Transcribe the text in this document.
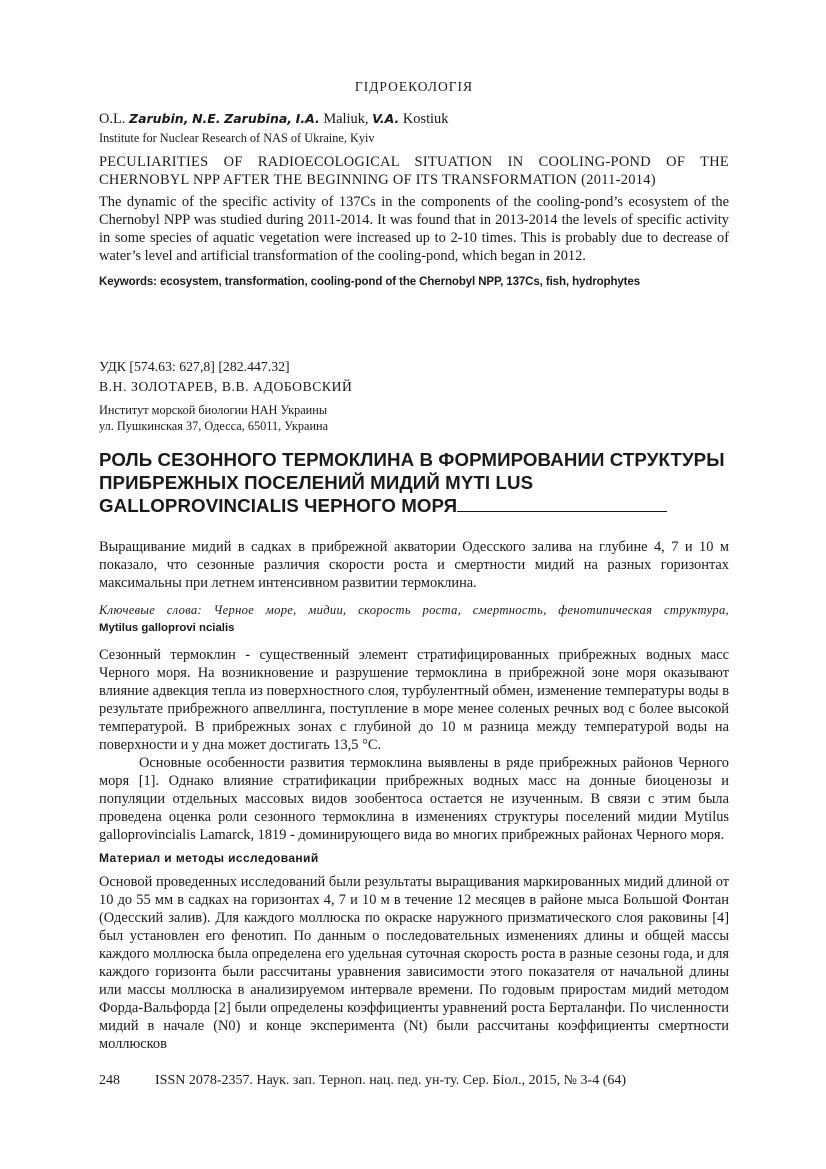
ГІДРОЕКОЛОГІЯ

O.L. Zarubin, N.E. Zarubina, I.A. Maliuk, V.A. Kostiuk

Institute for Nuclear Research of NAS of Ukraine, Kyiv

PECULIARITIES OF RADIOECOLOGICAL SITUATION IN COOLING-POND OF THE CHERNOBYL NPP AFTER THE BEGINNING OF ITS TRANSFORMATION (2011-2014)

The dynamic of the specific activity of 137Cs in the components of the cooling-pond’s ecosystem of the Chernobyl NPP was studied during 2011-2014. It was found that in 2013-2014 the levels of specific activity in some species of aquatic vegetation were increased up to 2-10 times. This is probably due to decrease of water’s level and artificial transformation of the cooling-pond, which began in 2012.

Keywords: ecosystem, transformation, cooling-pond of the Chernobyl NPP, 137Cs, fish, hydrophytes

УДК [574.63: 627,8] [282.447.32]
В.Н. ЗОЛОТАРЕВ, В.В. АДОБОВСКИЙ
Институт морской биологии НАН Украины
ул. Пушкинская 37, Одесса, 65011, Украина
РОЛЬ СЕЗОННОГО ТЕРМОКЛИНА В ФОРМИРОВАНИИ СТРУКТУРЫ ПРИБРЕЖНЫХ ПОСЕЛЕНИЙ МИДИЙ MYTI LUS GALLOPROVINCIALIS ЧЕРНОГО МОРЯ

Выращивание мидий в садках в прибрежной акватории Одесского залива на глубине 4, 7 и 10 м показало, что сезонные различия скорости роста и смертности мидий на разных горизонтах максимальны при летнем интенсивном развитии термоклина.

Ключевые слова: Черное море, мидии, скорость роста, смертность, фенотипическая структура,

Mytilus galloprovi ncialis

Сезонный термоклин - существенный элемент стратифицированных прибрежных водных масс Черного моря. На возникновение и разрушение термоклина в прибрежной зоне моря оказывают влияние адвекция тепла из поверхностного слоя, турбулентный обмен, изменение температуры воды в результате прибрежного апвеллинга, поступление в море менее соленых речных вод с более высокой температурой. В прибрежных зонах с глубиной до 10 м разница между температурой воды на поверхности и у дна может достигать 13,5 °С.

Основные особенности развития термоклина выявлены в ряде прибрежных районов Черного моря [1]. Однако влияние стратификации прибрежных водных масс на донные биоценозы и популяции отдельных массовых видов зообентоса остается не изученным. В связи с этим была проведена оценка роли сезонного термоклина в изменениях структуры поселений мидии Mytilus galloprovincialis Lamarck, 1819 - доминирующего вида во многих прибрежных районах Черного моря.

Материал и методы исследований

Основой проведенных исследований были результаты выращивания маркированных мидий длиной от 10 до 55 мм в садках на горизонтах 4, 7 и 10 м в течение 12 месяцев в районе мыса Большой Фонтан (Одесский залив). Для каждого моллюска по окраске наружного призматического слоя раковины [4] был установлен его фенотип. По данным о последовательных изменениях длины и общей массы каждого моллюска была определена его удельная суточная скорость роста в разные сезоны года, и для каждого горизонта были рассчитаны уравнения зависимости этого показателя от начальной длины или массы моллюска в анализируемом интервале времени. По годовым приростам мидий методом Форда-Вальфорда [2] были определены коэффициенты уравнений роста Берталанфи. По численности мидий в начале (N0) и конце эксперимента (Nt) были рассчитаны коэффициенты смертности моллюсков

248	ISSN 2078-2357. Наук. зап. Терноп. нац. пед. ун-ту. Сер. Біол., 2015, № 3-4 (64)
